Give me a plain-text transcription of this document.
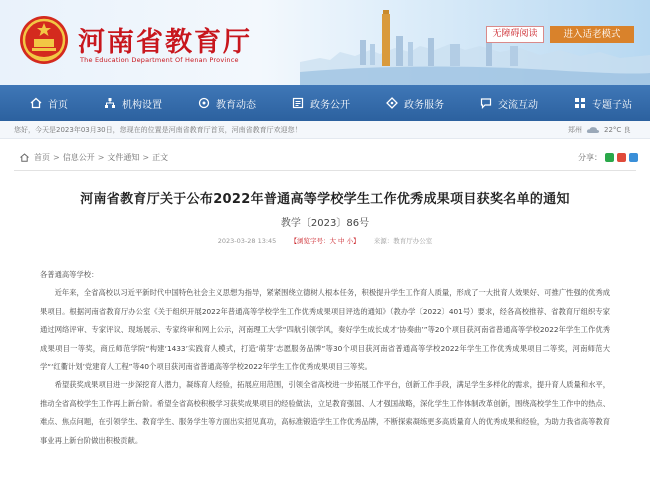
河南省教育厅
The Education Department Of Henan Province
无障碍阅读	进入适老模式
首页	机构设置	教育动态	政务公开	政务服务	交流互动	专题子站
您好，今天是2023年03月30日，您现在的位置是河南省教育厅首页，河南省教育厅欢迎您！	郑州	22°C 良
首页 > 信息公开 > 文件通知 > 正文	分享：
河南省教育厅关于公布2022年普通高等学校学生工作优秀成果项目获奖名单的通知
教学〔2023〕86号
2023-03-28 13:45 【浏览字号：大 中 小】 来源：教育厅办公室

各普通高等学校：

近年来，全省高校以习近平新时代中国特色社会主义思想为指导，紧紧围绕立德树人根本任务，积极提升学生工作育人质量，形成了一大批育人效果好、可推广性强的优秀成果项目。根据河南省教育厅办公室《关于组织开展2022年普通高等学校学生工作优秀成果项目评选的通知》（教办学〔2022〕401号）要求，经各高校推荐、省教育厅组织专家通过网络评审、专家评议、现场展示、专家终审和网上公示，河南理工大学“四航引领学风，奏好学生成长成才‘协奏曲’”等20个项目获河南省普通高等学校2022年学生工作优秀成果项目一等奖，商丘师范学院“构建‘1433’实践育人模式，打造‘萌芽’志愿服务品牌”等30个项目获河南省普通高等学校2022年学生工作优秀成果项目二等奖，河南师范大学“‘红衢计划’党建育人工程”等40个项目获河南省普通高等学校2022年学生工作优秀成果项目三等奖。

希望获奖成果项目进一步深挖育人潜力，凝练育人经验，拓展应用范围，引领全省高校进一步拓展工作平台，创新工作手段，满足学生多样化的需求，提升育人质量和水平，推动全省高校学生工作再上新台阶。希望全省高校积极学习获奖成果项目的经验做法，立足教育强国、人才强国战略，深化学生工作体制改革创新，围绕高校学生工作中的热点、难点、焦点问题，在引领学生、教育学生、服务学生等方面出实招见真功，高标准锻造学生工作优秀品牌，不断探索凝练更多高质量育人的优秀成果和经验，为助力我省高等教育事业再上新台阶做出积极贡献。
